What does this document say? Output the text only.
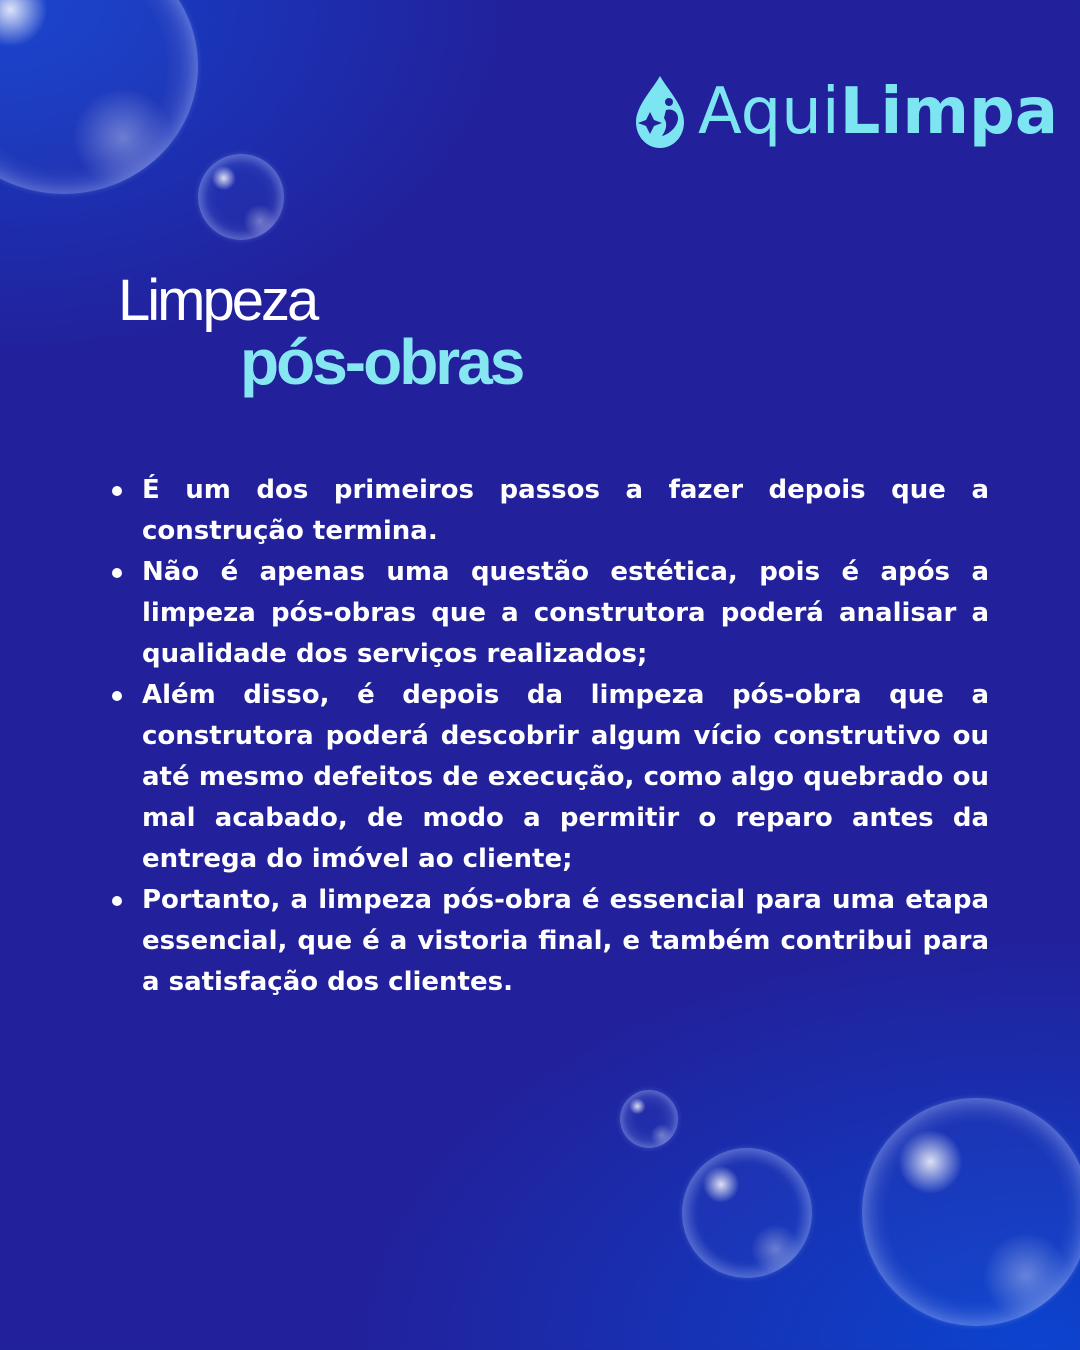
AquiLimpa
Limpeza
pós-obras
É um dos primeiros passos a fazer depois que a construção termina.
Não é apenas uma questão estética, pois é após a limpeza pós-obras que a construtora poderá analisar a qualidade dos serviços realizados;
Além disso, é depois da limpeza pós-obra que a construtora poderá descobrir algum vício construtivo ou até mesmo defeitos de execução, como algo quebrado ou mal acabado, de modo a permitir o reparo antes da entrega do imóvel ao cliente;
Portanto, a limpeza pós-obra é essencial para uma etapa essencial, que é a vistoria final, e também contribui para a satisfação dos clientes.
